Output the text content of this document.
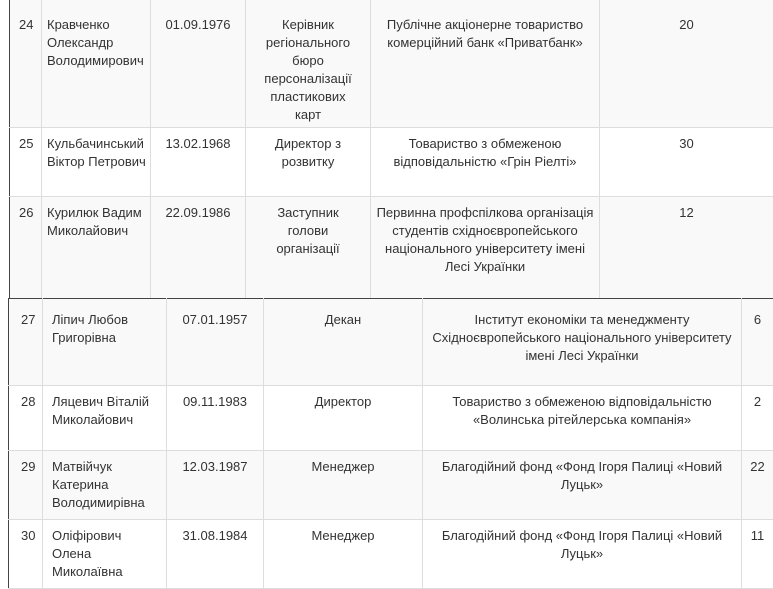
24	Кравченко Олександр Володимирович	01.09.1976	Керівник регіонального бюро персоналізації пластикових карт	Публічне акціонерне товариство комерційний банк «Приватбанк»	20
25	Кульбачинський Віктор Петрович	13.02.1968	Директор з розвитку	Товариство з обмеженою відповідальністю «Грін Ріелті»	30
26	Курилюк Вадим Миколайович	22.09.1986	Заступник голови організації	Первинна профспілкова організація студентів східноєвропейського національного університету імені Лесі Українки	12
27	Лiпич Любов Григорiвна	07.01.1957	Декан	Інститут економіки та менеджменту Східноєвропейського національного університету імені Лесі Українки	6
28	Ляцевич Віталій Миколайович	09.11.1983	Директор	Товариство з обмеженою відповідальністю «Волинська рітейлерська компанія»	2
29	Матвійчук Катерина Володимирівна	12.03.1987	Менеджер	Благодійний фонд «Фонд Ігоря Палиці «Новий Луцьк»	22
30	Оліфірович Олена Миколаївна	31.08.1984	Менеджер	Благодійний фонд «Фонд Ігоря Палиці «Новий Луцьк»	11
